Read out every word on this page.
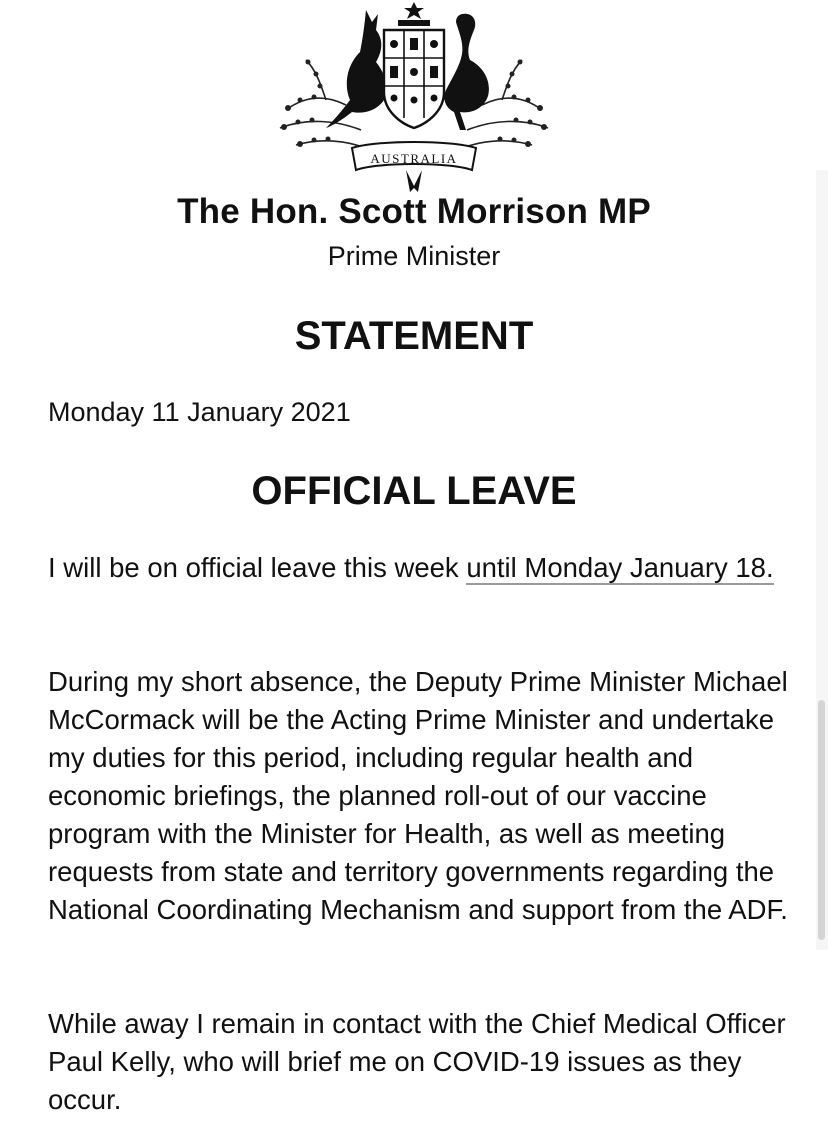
AUSTRALIA
The Hon. Scott Morrison MP
Prime Minister
STATEMENT
Monday 11 January 2021
OFFICIAL LEAVE

I will be on official leave this week until Monday January 18.

During my short absence, the Deputy Prime Minister Michael McCormack will be the Acting Prime Minister and undertake my duties for this period, including regular health and economic briefings, the planned roll-out of our vaccine program with the Minister for Health, as well as meeting requests from state and territory governments regarding the National Coordinating Mechanism and support from the ADF.

While away I remain in contact with the Chief Medical Officer Paul Kelly, who will brief me on COVID-19 issues as they occur.
